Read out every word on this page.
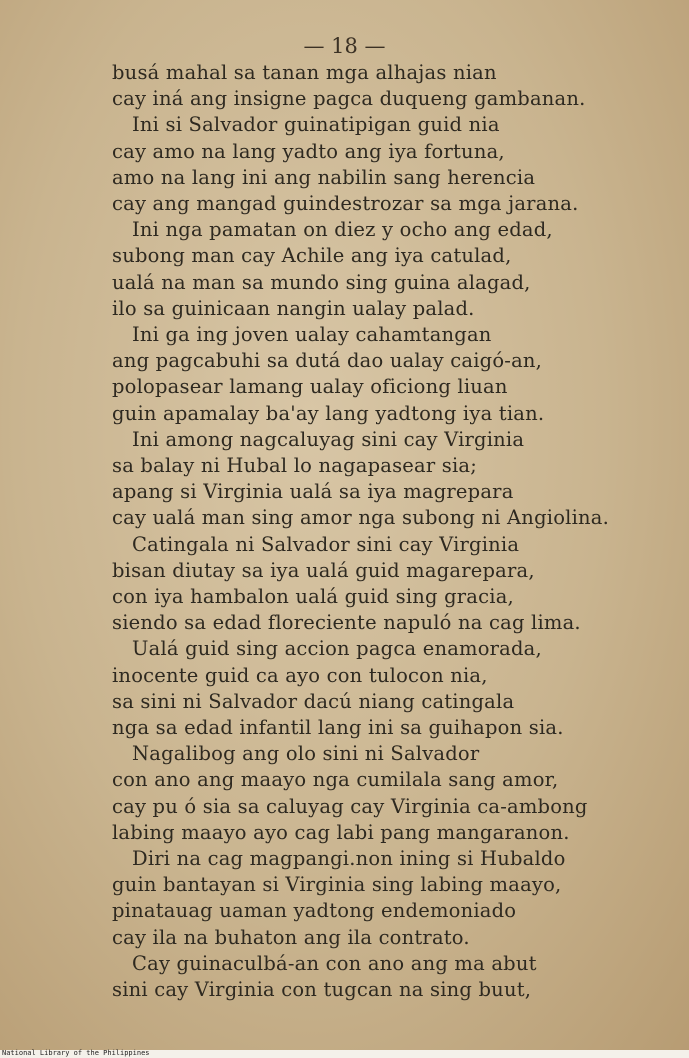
— 18 —
busá mahal sa tanan mga alhajas nian
cay iná ang insigne pagca duqueng gambanan.
Ini si Salvador guinatipigan guid nia
cay amo na lang yadto ang iya fortuna,
amo na lang ini ang nabilin sang herencia
cay ang mangad guindestrozar sa mga jarana.
Ini nga pamatan on diez y ocho ang edad,
subong man cay Achile ang iya catulad,
ualá na man sa mundo sing guina alagad,
ilo sa guinicaan nangin ualay palad.
Ini ga ing joven ualay cahamtangan
ang pagcabuhi sa dutá dao ualay caigó-an,
polopasear lamang ualay oficiong liuan
guin apamalay ba'ay lang yadtong iya tian.
Ini among nagcaluyag sini cay Virginia
sa balay ni Hubal lo nagapasear sia;
apang si Virginia ualá sa iya magrepara
cay ualá man sing amor nga subong ni Angiolina.
Catingala ni Salvador sini cay Virginia
bisan diutay sa iya ualá guid magarepara,
con iya hambalon ualá guid sing gracia,
siendo sa edad floreciente napuló na cag lima.
Ualá guid sing accion pagca enamorada,
inocente guid ca ayo con tulocon nia,
sa sini ni Salvador dacú niang catingala
nga sa edad infantil lang ini sa guihapon sia.
Nagalibog ang olo sini ni Salvador
con ano ang maayo nga cumilala sang amor,
cay pu ó sia sa caluyag cay Virginia ca-ambong
labing maayo ayo cag labi pang mangaranon.
Diri na cag magpangi.non ining si Hubaldo
guin bantayan si Virginia sing labing maayo,
pinatauag uaman yadtong endemoniado
cay ila na buhaton ang ila contrato.
Cay guinaculbá-an con ano ang ma abut
sini cay Virginia con tugcan na sing buut,
National Library of the Philippines
